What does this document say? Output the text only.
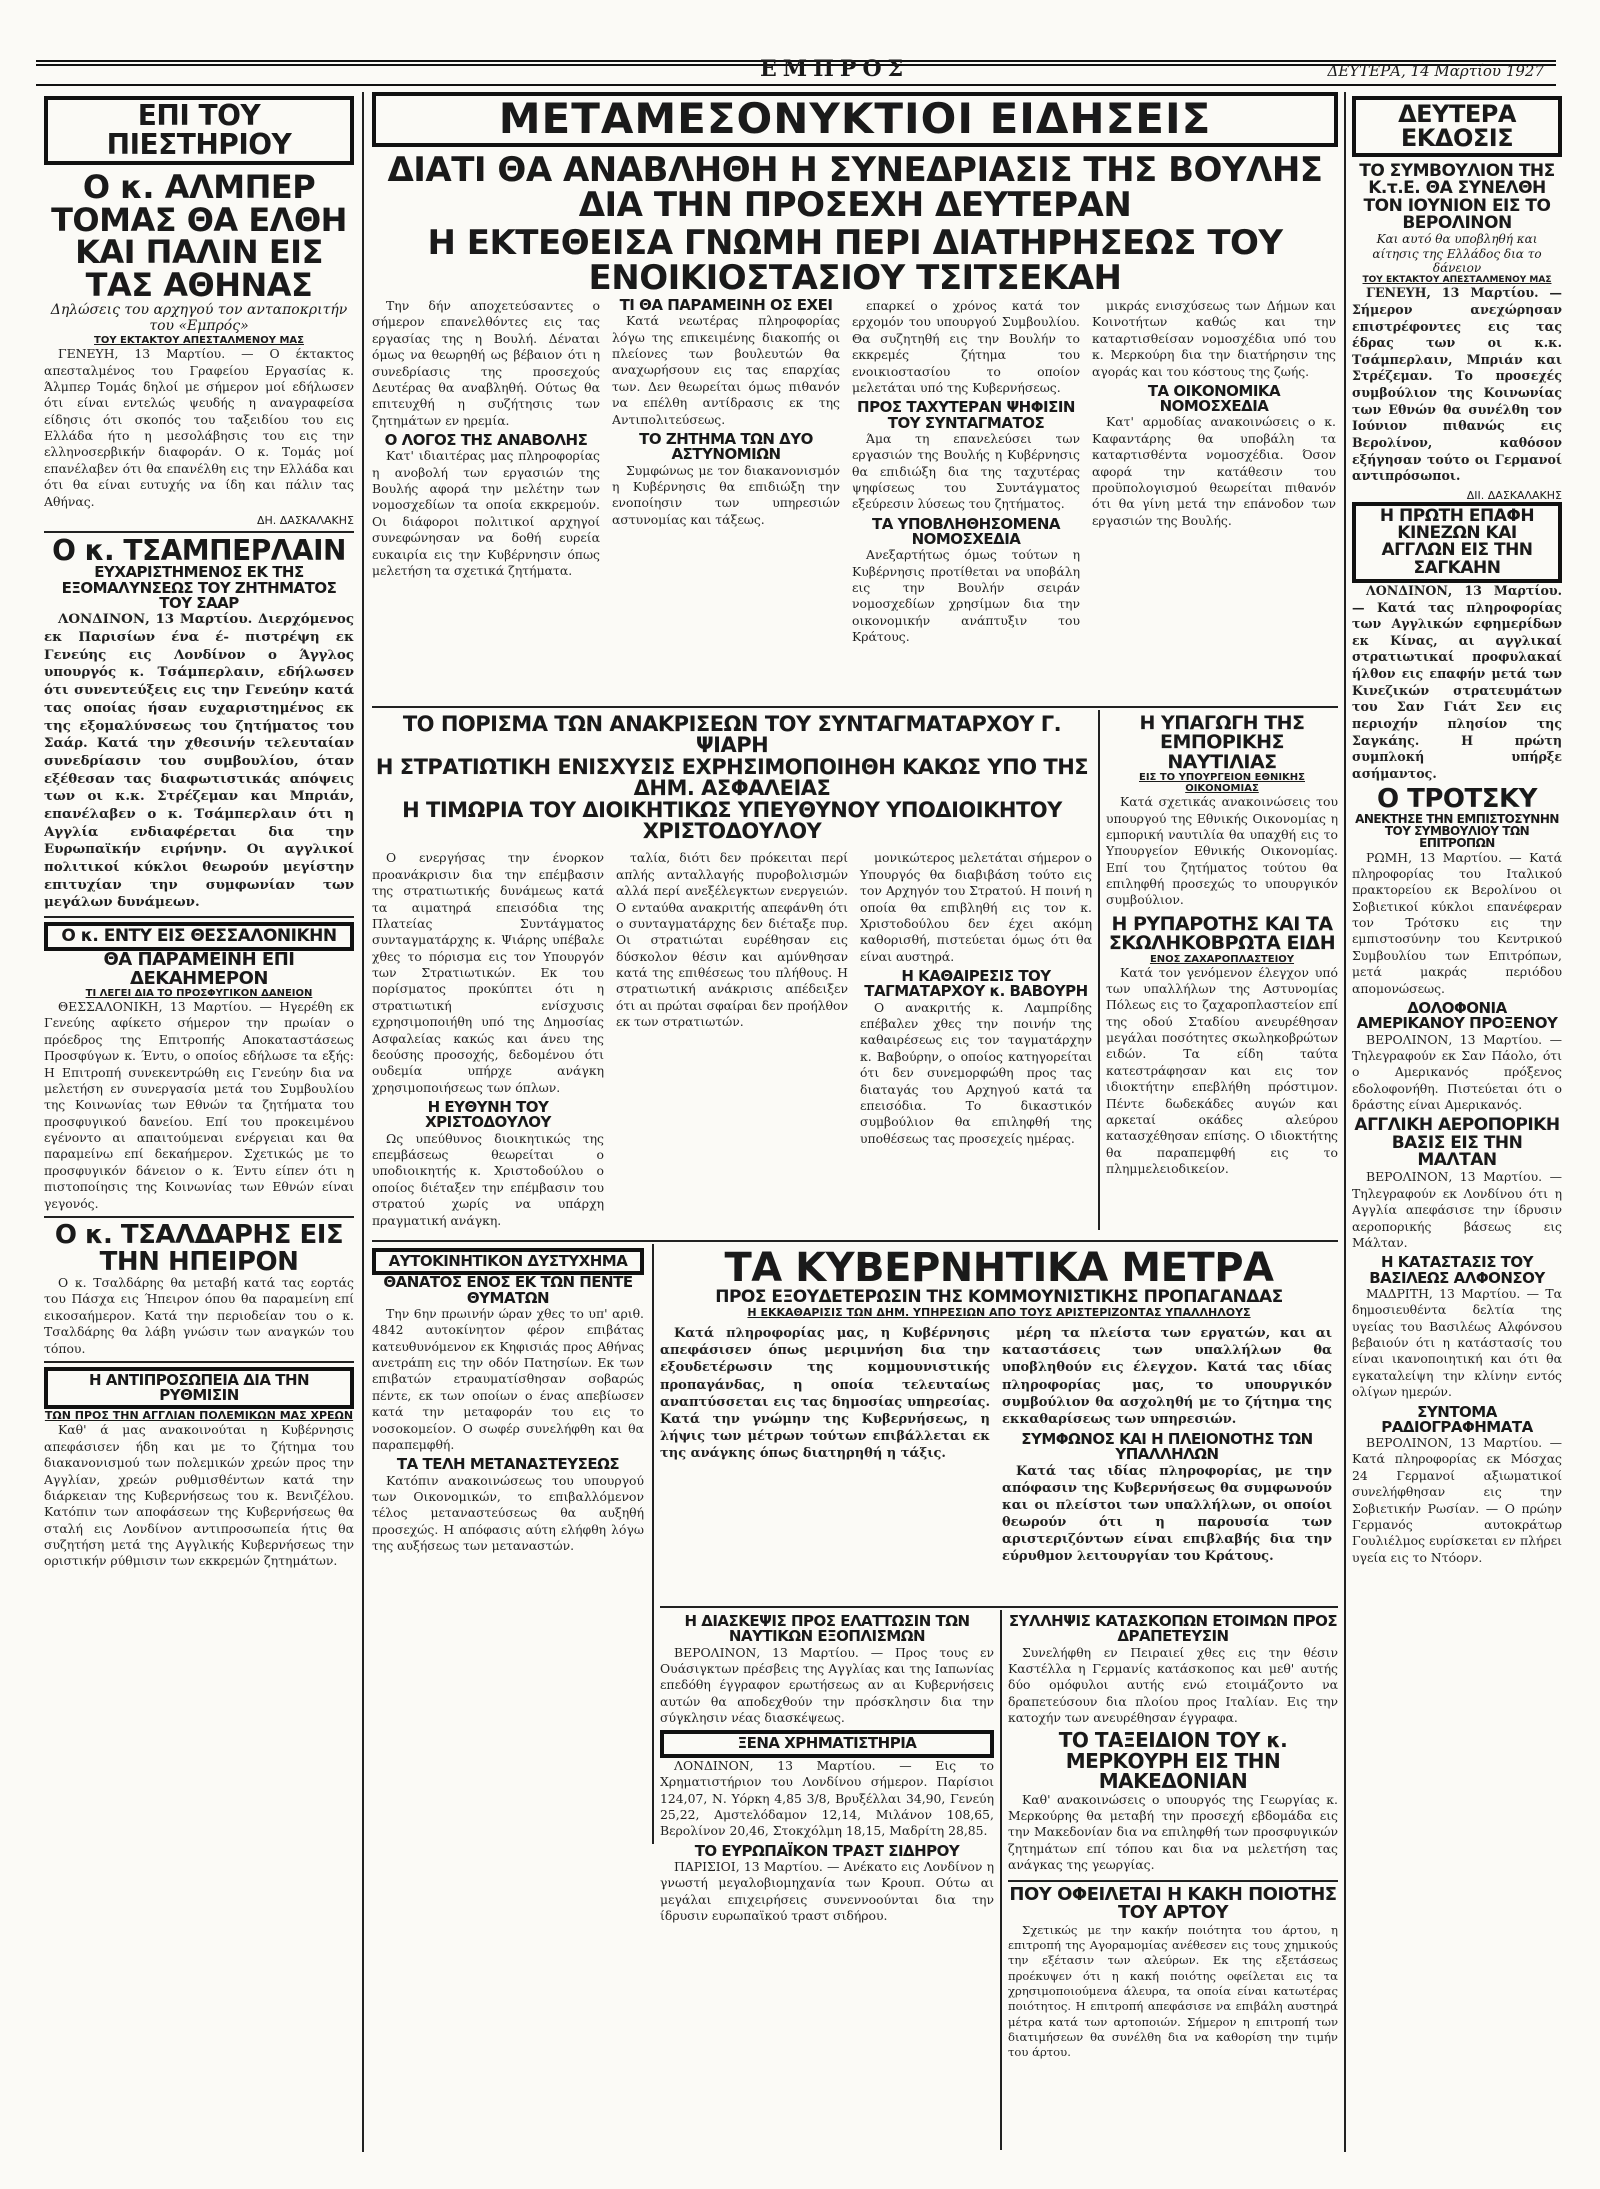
ΕΜΠΡΟΣ	ΔΕΥΤΕΡΑ, 14 Μαρτίου 1927
ΕΠΙ ΤΟΥ ΠΙΕΣΤΗΡΙΟΥ
Ο κ. ΑΛΜΠΕΡ ΤΟΜΑΣ ΘΑ ΕΛΘΗ ΚΑΙ ΠΑΛΙΝ ΕΙΣ ΤΑΣ ΑΘΗΝΑΣ
Δηλώσεις του αρχηγού τον ανταποκριτήν του «Εμπρός»
ΤΟΥ ΕΚΤΑΚΤΟΥ ΑΠΕΣΤΑΛΜΕΝΟΥ ΜΑΣ
ΓΕΝΕΥΗ, 13 Μαρτίου. — Ο έκτακτος απεσταλμένος του Γραφείου Εργασίας κ. Άλμπερ Τομάς δηλοί με σήμερον μοί εδήλωσεν ότι είναι εντελώς ψευδής η αναγραφείσα είδησις ότι σκοπός του ταξειδίου του εις Ελλάδα ήτο η μεσολάβησις του εις την ελληνοσερβικήν διαφοράν. Ο κ. Τομάς μοί επανέλαβεν ότι θα επανέλθη εις την Ελλάδα και ότι θα είναι ευτυχής να ίδη και πάλιν τας Αθήνας.
ΔΗ. ΔΑΣΚΑΛΑΚΗΣ
Ο κ. ΤΣΑΜΠΕΡΛΑΙΝ
ΕΥΧΑΡΙΣΤΗΜΕΝΟΣ ΕΚ ΤΗΣ ΕΞΟΜΑΛΥΝΣΕΩΣ ΤΟΥ ΖΗΤΗΜΑΤΟΣ ΤΟΥ ΣΑΑΡ
ΛΟΝΔΙΝΟΝ, 13 Μαρτίου. Διερχόμενος εκ Παρισίων ένα έ- πιστρέψη εκ Γενεύης εις Λονδίνον ο Άγγλος υπουργός κ. Τσάμπερλαιν, εδήλωσεν ότι συνεντεύξεις εις την Γενεύην κατά τας οποίας ήσαν ευχαριστημένος εκ της εξομαλύνσεως του ζητήματος του Σαάρ. Κατά την χθεσινήν τελευταίαν συνεδρίασιν του συμβουλίου, όταν εξέθεσαν τας διαφωτιστικάς απόψεις των οι κ.κ. Στρέζεμαν και Μπριάν, επανέλαβεν ο κ. Τσάμπερλαιν ότι η Αγγλία ενδιαφέρεται δια την Ευρωπαϊκήν ειρήνην. Οι αγγλικοί πολιτικοί κύκλοι θεωρούν μεγίστην επιτυχίαν την συμφωνίαν των μεγάλων δυνάμεων.
Ο κ. ΕΝΤΥ ΕΙΣ ΘΕΣΣΑΛΟΝΙΚΗΝ
ΘΑ ΠΑΡΑΜΕΙΝΗ ΕΠΙ ΔΕΚΑΗΜΕΡΟΝ
ΤΙ ΛΕΓΕΙ ΔΙΑ ΤΟ ΠΡΟΣΦΥΓΙΚΟΝ ΔΑΝΕΙΟΝ
ΘΕΣΣΑΛΟΝΙΚΗ, 13 Μαρτίου. — Ηγερέθη εκ Γενεύης αφίκετο σήμερον την πρωίαν ο πρόεδρος της Επιτροπής Αποκαταστάσεως Προσφύγων κ. Έντυ, ο οποίος εδήλωσε τα εξής: Η Επιτροπή συνεκεντρώθη εις Γενεύην δια να μελετήση εν συνεργασία μετά του Συμβουλίου της Κοινωνίας των Εθνών τα ζητήματα του προσφυγικού δανείου. Επί του προκειμένου εγένοντο αι απαιτούμεναι ενέργειαι και θα παραμείνω επί δεκαήμερον. Σχετικώς με το προσφυγικόν δάνειον ο κ. Έντυ είπεν ότι η πιστοποίησις της Κοινωνίας των Εθνών είναι γεγονός.
Ο κ. ΤΣΑΛΔΑΡΗΣ ΕΙΣ ΤΗΝ ΗΠΕΙΡΟΝ
Ο κ. Τσαλδάρης θα μεταβή κατά τας εορτάς του Πάσχα εις Ήπειρον όπου θα παραμείνη επί εικοσαήμερον. Κατά την περιοδείαν του ο κ. Τσαλδάρης θα λάβη γνώσιν των αναγκών του τόπου.
Η ΑΝΤΙΠΡΟΣΩΠΕΙΑ ΔΙΑ ΤΗΝ ΡΥΘΜΙΣΙΝ
ΤΩΝ ΠΡΟΣ ΤΗΝ ΑΓΓΛΙΑΝ ΠΟΛΕΜΙΚΩΝ ΜΑΣ ΧΡΕΩΝ
Καθ' ά μας ανακοινούται η Κυβέρνησις απεφάσισεν ήδη και με το ζήτημα του διακανονισμού των πολεμικών χρεών προς την Αγγλίαν, χρεών ρυθμισθέντων κατά την διάρκειαν της Κυβερνήσεως του κ. Βενιζέλου. Κατόπιν των αποφάσεων της Κυβερνήσεως θα σταλή εις Λονδίνον αντιπροσωπεία ήτις θα συζητήση μετά της Αγγλικής Κυβερνήσεως την οριστικήν ρύθμισιν των εκκρεμών ζητημάτων.
ΜΕΤΑΜΕΣΟΝΥΚΤΙΟΙ ΕΙΔΗΣΕΙΣ
ΔΙΑΤΙ ΘΑ ΑΝΑΒΛΗΘΗ Η ΣΥΝΕΔΡΙΑΣΙΣ ΤΗΣ ΒΟΥΛΗΣ ΔΙΑ ΤΗΝ ΠΡΟΣΕΧΗ ΔΕΥΤΕΡΑΝ
Η ΕΚΤΕΘΕΙΣΑ ΓΝΩΜΗ ΠΕΡΙ ΔΙΑΤΗΡΗΣΕΩΣ ΤΟΥ ΕΝΟΙΚΙΟΣΤΑΣΙΟΥ ΤΣΙΤΣΕΚΑΗ
Την δήν αποχετεύσαντες ο σήμερον επανελθόντες εις τας εργασίας της η Βουλή. Δέναται όμως να θεωρηθή ως βέβαιον ότι η συνεδρίασις της προσεχούς Δευτέρας θα αναβληθή. Ούτως θα επιτευχθή η συζήτησις των ζητημάτων εν ηρεμία.
Ο ΛΟΓΟΣ ΤΗΣ ΑΝΑΒΟΛΗΣ
Κατ' ιδιαιτέρας μας πληροφορίας η ανοβολή των εργασιών της Βουλής αφορά την μελέτην των νομοσχεδίων τα οποία εκκρεμούν. Οι διάφοροι πολιτικοί αρχηγοί συνεφώνησαν να δοθή ευρεία ευκαιρία εις την Κυβέρνησιν όπως μελετήση τα σχετικά ζητήματα.
ΤΙ ΘΑ ΠΑΡΑΜΕΙΝΗ ΟΣ ΕΧΕΙ
Κατά νεωτέρας πληροφορίας λόγω της επικειμένης διακοπής οι πλείονες των βουλευτών θα αναχωρήσουν εις τας επαρχίας των. Δεν θεωρείται όμως πιθανόν να επέλθη αντίδρασις εκ της Αντιπολιτεύσεως.
ΤΟ ΖΗΤΗΜΑ ΤΩΝ ΔΥΟ ΑΣΤΥΝΟΜΙΩΝ
Συμφώνως με τον διακανονισμόν η Κυβέρνησις θα επιδιώξη την ενοποίησιν των υπηρεσιών αστυνομίας και τάξεως.
επαρκεί ο χρόνος κατά τον ερχομόν του υπουργού Συμβουλίου. Θα συζητηθή εις την Βουλήν το εκκρεμές ζήτημα του ενοικιοστασίου το οποίον μελετάται υπό της Κυβερνήσεως.
ΠΡΟΣ ΤΑΧΥΤΕΡΑΝ ΨΗΦΙΣΙΝ ΤΟΥ ΣΥΝΤΑΓΜΑΤΟΣ
Άμα τη επανελεύσει των εργασιών της Βουλής η Κυβέρνησις θα επιδιώξη δια της ταχυτέρας ψηφίσεως του Συντάγματος εξεύρεσιν λύσεως του ζητήματος.
ΤΑ ΥΠΟΒΛΗΘΗΣΟΜΕΝΑ ΝΟΜΟΣΧΕΔΙΑ
Ανεξαρτήτως όμως τούτων η Κυβέρνησις προτίθεται να υποβάλη εις την Βουλήν σειράν νομοσχεδίων χρησίμων δια την οικονομικήν ανάπτυξιν του Κράτους.
μικράς ενισχύσεως των Δήμων και Κοινοτήτων καθώς και την καταρτισθείσαν νομοσχέδια υπό του κ. Μερκούρη δια την διατήρησιν της αγοράς και του κόστους της ζωής.
ΤΑ ΟΙΚΟΝΟΜΙΚΑ ΝΟΜΟΣΧΕΔΙΑ
Κατ' αρμοδίας ανακοινώσεις ο κ. Καφαντάρης θα υποβάλη τα καταρτισθέντα νομοσχέδια. Όσον αφορά την κατάθεσιν του προϋπολογισμού θεωρείται πιθανόν ότι θα γίνη μετά την επάνοδον των εργασιών της Βουλής.
ΤΟ ΠΟΡΙΣΜΑ ΤΩΝ ΑΝΑΚΡΙΣΕΩΝ ΤΟΥ ΣΥΝΤΑΓΜΑΤΑΡΧΟΥ Γ. ΨΙΑΡΗ
Η ΣΤΡΑΤΙΩΤΙΚΗ ΕΝΙΣΧΥΣΙΣ ΕΧΡΗΣΙΜΟΠΟΙΗΘΗ ΚΑΚΩΣ ΥΠΟ ΤΗΣ ΔΗΜ. ΑΣΦΑΛΕΙΑΣ
Η ΤΙΜΩΡΙΑ ΤΟΥ ΔΙΟΙΚΗΤΙΚΩΣ ΥΠΕΥΘΥΝΟΥ ΥΠΟΔΙΟΙΚΗΤΟΥ ΧΡΙΣΤΟΔΟΥΛΟΥ
Ο ενεργήσας την ένορκον προανάκρισιν δια την επέμβασιν της στρατιωτικής δυνάμεως κατά τα αιματηρά επεισόδια της Πλατείας Συντάγματος συνταγματάρχης κ. Ψιάρης υπέβαλε χθες το πόρισμα εις τον Υπουργόν των Στρατιωτικών. Εκ του πορίσματος προκύπτει ότι η στρατιωτική ενίσχυσις εχρησιμοποιήθη υπό της Δημοσίας Ασφαλείας κακώς και άνευ της δεούσης προσοχής, δεδομένου ότι ουδεμία υπήρχε ανάγκη χρησιμοποιήσεως των όπλων.
Η ΕΥΘΥΝΗ ΤΟΥ ΧΡΙΣΤΟΔΟΥΛΟΥ
Ως υπεύθυνος διοικητικώς της επεμβάσεως θεωρείται ο υποδιοικητής κ. Χριστοδούλου ο οποίος διέταξεν την επέμβασιν του στρατού χωρίς να υπάρχη πραγματική ανάγκη.
ταλία, διότι δεν πρόκειται περί απλής ανταλλαγής πυροβολισμών αλλά περί ανεξέλεγκτων ενεργειών. Ο ενταύθα ανακριτής απεφάνθη ότι ο συνταγματάρχης δεν διέταξε πυρ. Οι στρατιώται ευρέθησαν εις δύσκολον θέσιν και αμύνθησαν κατά της επιθέσεως του πλήθους. Η στρατιωτική ανάκρισις απέδειξεν ότι αι πρώται σφαίραι δεν προήλθον εκ των στρατιωτών.
μονικώτερος μελετάται σήμερον ο Υπουργός θα διαβιβάση τούτο εις τον Αρχηγόν του Στρατού. Η ποινή η οποία θα επιβληθή εις τον κ. Χριστοδούλου δεν έχει ακόμη καθορισθή, πιστεύεται όμως ότι θα είναι αυστηρά.
Η ΚΑΘΑΙΡΕΣΙΣ ΤΟΥ ΤΑΓΜΑΤΑΡΧΟΥ κ. ΒΑΒΟΥΡΗ
Ο ανακριτής κ. Λαμπρίδης επέβαλεν χθες την ποινήν της καθαιρέσεως εις τον ταγματάρχην κ. Βαβούρην, ο οποίος κατηγορείται ότι δεν συνεμορφώθη προς τας διαταγάς του Αρχηγού κατά τα επεισόδια. Το δικαστικόν συμβούλιον θα επιληφθή της υποθέσεως τας προσεχείς ημέρας.
Η ΥΠΑΓΩΓΗ ΤΗΣ ΕΜΠΟΡΙΚΗΣ ΝΑΥΤΙΛΙΑΣ
ΕΙΣ ΤΟ ΥΠΟΥΡΓΕΙΟΝ ΕΘΝΙΚΗΣ ΟΙΚΟΝΟΜΙΑΣ
Κατά σχετικάς ανακοινώσεις του υπουργού της Εθνικής Οικονομίας η εμπορική ναυτιλία θα υπαχθή εις το Υπουργείον Εθνικής Οικονομίας. Επί του ζητήματος τούτου θα επιληφθή προσεχώς το υπουργικόν συμβούλιον.
Η ΡΥΠΑΡΟΤΗΣ ΚΑΙ ΤΑ ΣΚΩΛΗΚΟΒΡΩΤΑ ΕΙΔΗ
ΕΝΟΣ ΖΑΧΑΡΟΠΛΑΣΤΕΙΟΥ
Κατά τον γενόμενον έλεγχον υπό των υπαλλήλων της Αστυνομίας Πόλεως εις το ζαχαροπλαστείον επί της οδού Σταδίου ανευρέθησαν μεγάλαι ποσότητες σκωληκοβρώτων ειδών. Τα είδη ταύτα κατεστράφησαν και εις τον ιδιοκτήτην επεβλήθη πρόστιμον. Πέντε δωδεκάδες αυγών και αρκεταί οκάδες αλεύρου κατασχέθησαν επίσης. Ο ιδιοκτήτης θα παραπεμφθή εις το πλημμελειοδικείον.
ΑΥΤΟΚΙΝΗΤΙΚΟΝ ΔΥΣΤΥΧΗΜΑ
ΘΑΝΑΤΟΣ ΕΝΟΣ ΕΚ ΤΩΝ ΠΕΝΤΕ ΘΥΜΑΤΩΝ
Την 6ην πρωινήν ώραν χθες το υπ' αριθ. 4842 αυτοκίνητον φέρον επιβάτας κατευθυνόμενον εκ Κηφισιάς προς Αθήνας ανετράπη εις την οδόν Πατησίων. Εκ των επιβατών ετραυματίσθησαν σοβαρώς πέντε, εκ των οποίων ο ένας απεβίωσεν κατά την μεταφοράν του εις το νοσοκομείον. Ο σωφέρ συνελήφθη και θα παραπεμφθή.
ΤΑ ΤΕΛΗ ΜΕΤΑΝΑΣΤΕΥΣΕΩΣ
Κατόπιν ανακοινώσεως του υπουργού των Οικονομικών, το επιβαλλόμενον τέλος μεταναστεύσεως θα αυξηθή προσεχώς. Η απόφασις αύτη ελήφθη λόγω της αυξήσεως των μεταναστών.
ΤΑ ΚΥΒΕΡΝΗΤΙΚΑ ΜΕΤΡΑ
ΠΡΟΣ ΕΞΟΥΔΕΤΕΡΩΣΙΝ ΤΗΣ ΚΟΜΜΟΥΝΙΣΤΙΚΗΣ ΠΡΟΠΑΓΑΝΔΑΣ
Η ΕΚΚΑΘΑΡΙΣΙΣ ΤΩΝ ΔΗΜ. ΥΠΗΡΕΣΙΩΝ ΑΠΟ ΤΟΥΣ ΑΡΙΣΤΕΡΙΖΟΝΤΑΣ ΥΠΑΛΛΗΛΟΥΣ
Κατά πληροφορίας μας, η Κυβέρνησις απεφάσισεν όπως μεριμνήση δια την εξουδετέρωσιν της κομμουνιστικής προπαγάνδας, η οποία τελευταίως αναπτύσσεται εις τας δημοσίας υπηρεσίας. Κατά την γνώμην της Κυβερνήσεως, η λήψις των μέτρων τούτων επιβάλλεται εκ της ανάγκης όπως διατηρηθή η τάξις.
μέρη τα πλείστα των εργατών, και αι καταστάσεις των υπαλλήλων θα υποβληθούν εις έλεγχον. Κατά τας ιδίας πληροφορίας μας, το υπουργικόν συμβούλιον θα ασχοληθή με το ζήτημα της εκκαθαρίσεως των υπηρεσιών.
ΣΥΜΦΩΝΟΣ ΚΑΙ Η ΠΛΕΙΟΝΟΤΗΣ ΤΩΝ ΥΠΑΛΛΗΛΩΝ
Κατά τας ιδίας πληροφορίας, με την απόφασιν της Κυβερνήσεως θα συμφωνούν και οι πλείστοι των υπαλλήλων, οι οποίοι θεωρούν ότι η παρουσία των αριστεριζόντων είναι επιβλαβής δια την εύρυθμον λειτουργίαν του Κράτους.
Η ΔΙΑΣΚΕΨΙΣ ΠΡΟΣ ΕΛΑΤΤΩΣΙΝ ΤΩΝ ΝΑΥΤΙΚΩΝ ΕΞΟΠΛΙΣΜΩΝ
ΒΕΡΟΛΙΝΟΝ, 13 Μαρτίου. — Προς τους εν Ουάσιγκτων πρέσβεις της Αγγλίας και της Ιαπωνίας επεδόθη έγγραφον ερωτήσεως αν αι Κυβερνήσεις αυτών θα αποδεχθούν την πρόσκλησιν δια την σύγκλησιν νέας διασκέψεως.
ΞΕΝΑ ΧΡΗΜΑΤΙΣΤΗΡΙΑ
ΛΟΝΔΙΝΟΝ, 13 Μαρτίου. — Εις το Χρηματιστήριον του Λονδίνου σήμερον. Παρίσιοι 124,07, Ν. Υόρκη 4,85 3/8, Βρυξέλλαι 34,90, Γενεύη 25,22, Αμστελόδαμον 12,14, Μιλάνον 108,65, Βερολίνον 20,46, Στοκχόλμη 18,15, Μαδρίτη 28,85.
ΤΟ ΕΥΡΩΠΑΪΚΟΝ ΤΡΑΣΤ ΣΙΔΗΡΟΥ
ΠΑΡΙΣΙΟΙ, 13 Μαρτίου. — Ανέκατο εις Λονδίνον η γνωστή μεγαλοβιομηχανία των Κρουπ. Ούτω αι μεγάλαι επιχειρήσεις συνεννοούνται δια την ίδρυσιν ευρωπαϊκού τραστ σιδήρου.
ΣΥΛΛΗΨΙΣ ΚΑΤΑΣΚΟΠΩΝ ΕΤΟΙΜΩΝ ΠΡΟΣ ΔΡΑΠΕΤΕΥΣΙΝ
Συνελήφθη εν Πειραιεί χθες εις την θέσιν Καστέλλα η Γερμανίς κατάσκοπος και μεθ' αυτής δύο ομόφυλοι αυτής ενώ ετοιμάζοντο να δραπετεύσουν δια πλοίου προς Ιταλίαν. Εις την κατοχήν των ανευρέθησαν έγγραφα.
ΤΟ ΤΑΞΕΙΔΙΟΝ ΤΟΥ κ. ΜΕΡΚΟΥΡΗ ΕΙΣ ΤΗΝ ΜΑΚΕΔΟΝΙΑΝ
Καθ' ανακοινώσεις ο υπουργός της Γεωργίας κ. Μερκούρης θα μεταβή την προσεχή εβδομάδα εις την Μακεδονίαν δια να επιληφθή των προσφυγικών ζητημάτων επί τόπου και δια να μελετήση τας ανάγκας της γεωργίας.
ΔΕΥΤΕΡΑ ΕΚΔΟΣΙΣ
ΤΟ ΣΥΜΒΟΥΛΙΟΝ ΤΗΣ Κ.τ.Ε. ΘΑ ΣΥΝΕΛΘΗ ΤΟΝ ΙΟΥΝΙΟΝ ΕΙΣ ΤΟ ΒΕΡΟΛΙΝΟΝ
Και αυτό θα υποβληθή και αίτησις της Ελλάδος δια το δάνειον
ΤΟΥ ΕΚΤΑΚΤΟΥ ΑΠΕΣΤΑΛΜΕΝΟΥ ΜΑΣ
ΓΕΝΕΥΗ, 13 Μαρτίου. — Σήμερον ανεχώρησαν επιστρέφοντες εις τας έδρας των οι κ.κ. Τσάμπερλαιν, Μπριάν και Στρέζεμαν. Το προσεχές συμβούλιον της Κοινωνίας των Εθνών θα συνέλθη τον Ιούνιον πιθανώς εις Βερολίνον, καθόσον εξήγησαν τούτο οι Γερμανοί αντιπρόσωποι.
ΔΙΙ. ΔΑΣΚΑΛΑΚΗΣ
Η ΠΡΩΤΗ ΕΠΑΦΗ ΚΙΝΕΖΩΝ ΚΑΙ ΑΓΓΛΩΝ ΕΙΣ ΤΗΝ ΣΑΓΚΑΗΝ
ΛΟΝΔΙΝΟΝ, 13 Μαρτίου. — Κατά τας πληροφορίας των Αγγλικών εφημερίδων εκ Κίνας, αι αγγλικαί στρατιωτικαί προφυλακαί ήλθον εις επαφήν μετά των Κινεζικών στρατευμάτων του Σαν Γιάτ Σεν εις περιοχήν πλησίον της Σαγκάης. Η πρώτη συμπλοκή υπήρξε ασήμαντος.
Ο ΤΡΟΤΣΚΥ
ΑΝΕΚΤΗΣΕ ΤΗΝ ΕΜΠΙΣΤΟΣΥΝΗΝ ΤΟΥ ΣΥΜΒΟΥΛΙΟΥ ΤΩΝ ΕΠΙΤΡΟΠΩΝ
ΡΩΜΗ, 13 Μαρτίου. — Κατά πληροφορίας του Ιταλικού πρακτορείου εκ Βερολίνου οι Σοβιετικοί κύκλοι επανέφεραν τον Τρότσκυ εις την εμπιστοσύνην του Κεντρικού Συμβουλίου των Επιτρόπων, μετά μακράς περιόδου απομονώσεως.
ΔΟΛΟΦΟΝΙΑ ΑΜΕΡΙΚΑΝΟΥ ΠΡΟΞΕΝΟΥ
ΒΕΡΟΛΙΝΟΝ, 13 Μαρτίου. — Τηλεγραφούν εκ Σαν Πάολο, ότι ο Αμερικανός πρόξενος εδολοφονήθη. Πιστεύεται ότι ο δράστης είναι Αμερικανός.
ΑΓΓΛΙΚΗ ΑΕΡΟΠΟΡΙΚΗ ΒΑΣΙΣ ΕΙΣ ΤΗΝ ΜΑΛΤΑΝ
ΒΕΡΟΛΙΝΟΝ, 13 Μαρτίου. — Τηλεγραφούν εκ Λονδίνου ότι η Αγγλία απεφάσισε την ίδρυσιν αεροπορικής βάσεως εις Μάλταν.
Η ΚΑΤΑΣΤΑΣΙΣ ΤΟΥ ΒΑΣΙΛΕΩΣ ΑΛΦΟΝΣΟΥ
ΜΑΔΡΙΤΗ, 13 Μαρτίου. — Τα δημοσιευθέντα δελτία της υγείας του Βασιλέως Αλφόνσου βεβαιούν ότι η κατάστασίς του είναι ικανοποιητική και ότι θα εγκαταλείψη την κλίνην εντός ολίγων ημερών.
ΣΥΝΤΟΜΑ ΡΑΔΙΟΓΡΑΦΗΜΑΤΑ
ΒΕΡΟΛΙΝΟΝ, 13 Μαρτίου. — Κατά πληροφορίας εκ Μόσχας 24 Γερμανοί αξιωματικοί συνελήφθησαν εις την Σοβιετικήν Ρωσίαν. — Ο πρώην Γερμανός αυτοκράτωρ Γουλιέλμος ευρίσκεται εν πλήρει υγεία εις το Ντόορν.
ΠΟΥ ΟΦΕΙΛΕΤΑΙ Η ΚΑΚΗ ΠΟΙΟΤΗΣ ΤΟΥ ΑΡΤΟΥ
Σχετικώς με την κακήν ποιότητα του άρτου, η επιτροπή της Αγοραμομίας ανέθεσεν εις τους χημικούς την εξέτασιν των αλεύρων. Εκ της εξετάσεως προέκυψεν ότι η κακή ποιότης οφείλεται εις τα χρησιμοποιούμενα άλευρα, τα οποία είναι κατωτέρας ποιότητος. Η επιτροπή απεφάσισε να επιβάλη αυστηρά μέτρα κατά των αρτοποιών. Σήμερον η επιτροπή των διατιμήσεων θα συνέλθη δια να καθορίση την τιμήν του άρτου.
